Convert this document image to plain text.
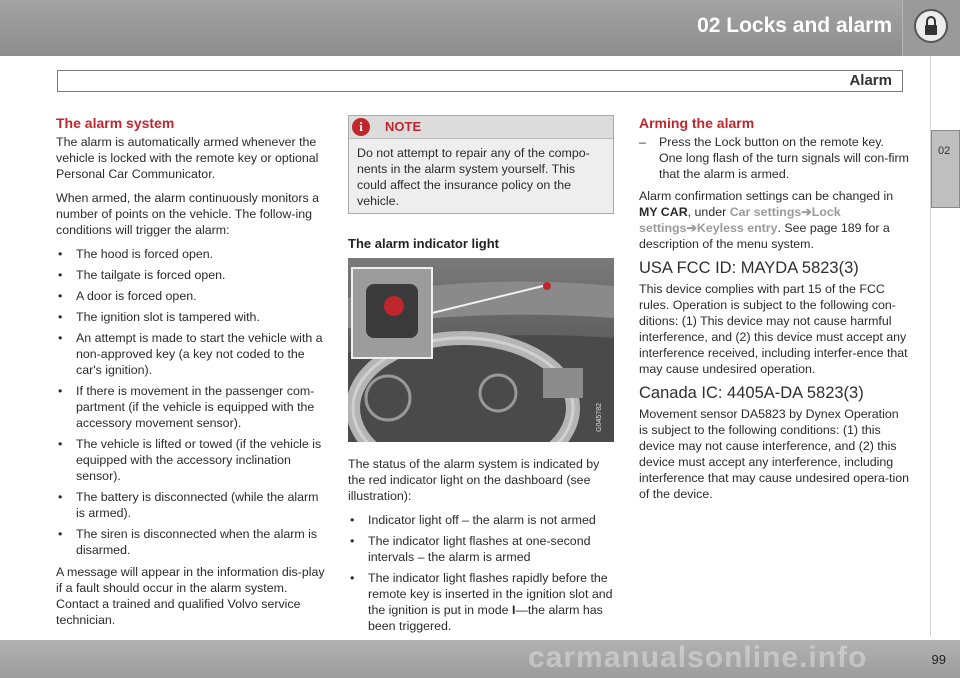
02 Locks and alarm
Alarm
02
The alarm system

The alarm is automatically armed whenever the vehicle is locked with the remote key or optional Personal Car Communicator.

When armed, the alarm continuously monitors a number of points on the vehicle. The follow-ing conditions will trigger the alarm:

• The hood is forced open.
• The tailgate is forced open.
• A door is forced open.
• The ignition slot is tampered with.
• An attempt is made to start the vehicle with a non-approved key (a key not coded to the car's ignition).
• If there is movement in the passenger com-partment (if the vehicle is equipped with the accessory movement sensor).
• The vehicle is lifted or towed (if the vehicle is equipped with the accessory inclination sensor).
• The battery is disconnected (while the alarm is armed).
• The siren is disconnected when the alarm is disarmed.

A message will appear in the information dis-play if a fault should occur in the alarm system. Contact a trained and qualified Volvo service technician.

i	NOTE
Do not attempt to repair any of the compo-nents in the alarm system yourself. This could affect the insurance policy on the vehicle.
The alarm indicator light
G045782

The status of the alarm system is indicated by the red indicator light on the dashboard (see illustration):

• Indicator light off – the alarm is not armed
• The indicator light flashes at one-second intervals – the alarm is armed
• The indicator light flashes rapidly before the remote key is inserted in the ignition slot and the ignition is put in mode I—the alarm has been triggered.
Arming the alarm
– Press the Lock button on the remote key. One long flash of the turn signals will con-firm that the alarm is armed.

Alarm confirmation settings can be changed in MY CAR, under Car settings➔Lock settings➔Keyless entry. See page 189 for a description of the menu system.

USA FCC ID: MAYDA 5823(3)

This device complies with part 15 of the FCC rules. Operation is subject to the following con-ditions: (1) This device may not cause harmful interference, and (2) this device must accept any interference received, including interfer-ence that may cause undesired operation.

Canada IC: 4405A-DA 5823(3)

Movement sensor DA5823 by Dynex Operation is subject to the following conditions: (1) this device may not cause interference, and (2) this device must accept any interference, including interference that may cause undesired opera-tion of the device.

99
carmanualsonline.info
